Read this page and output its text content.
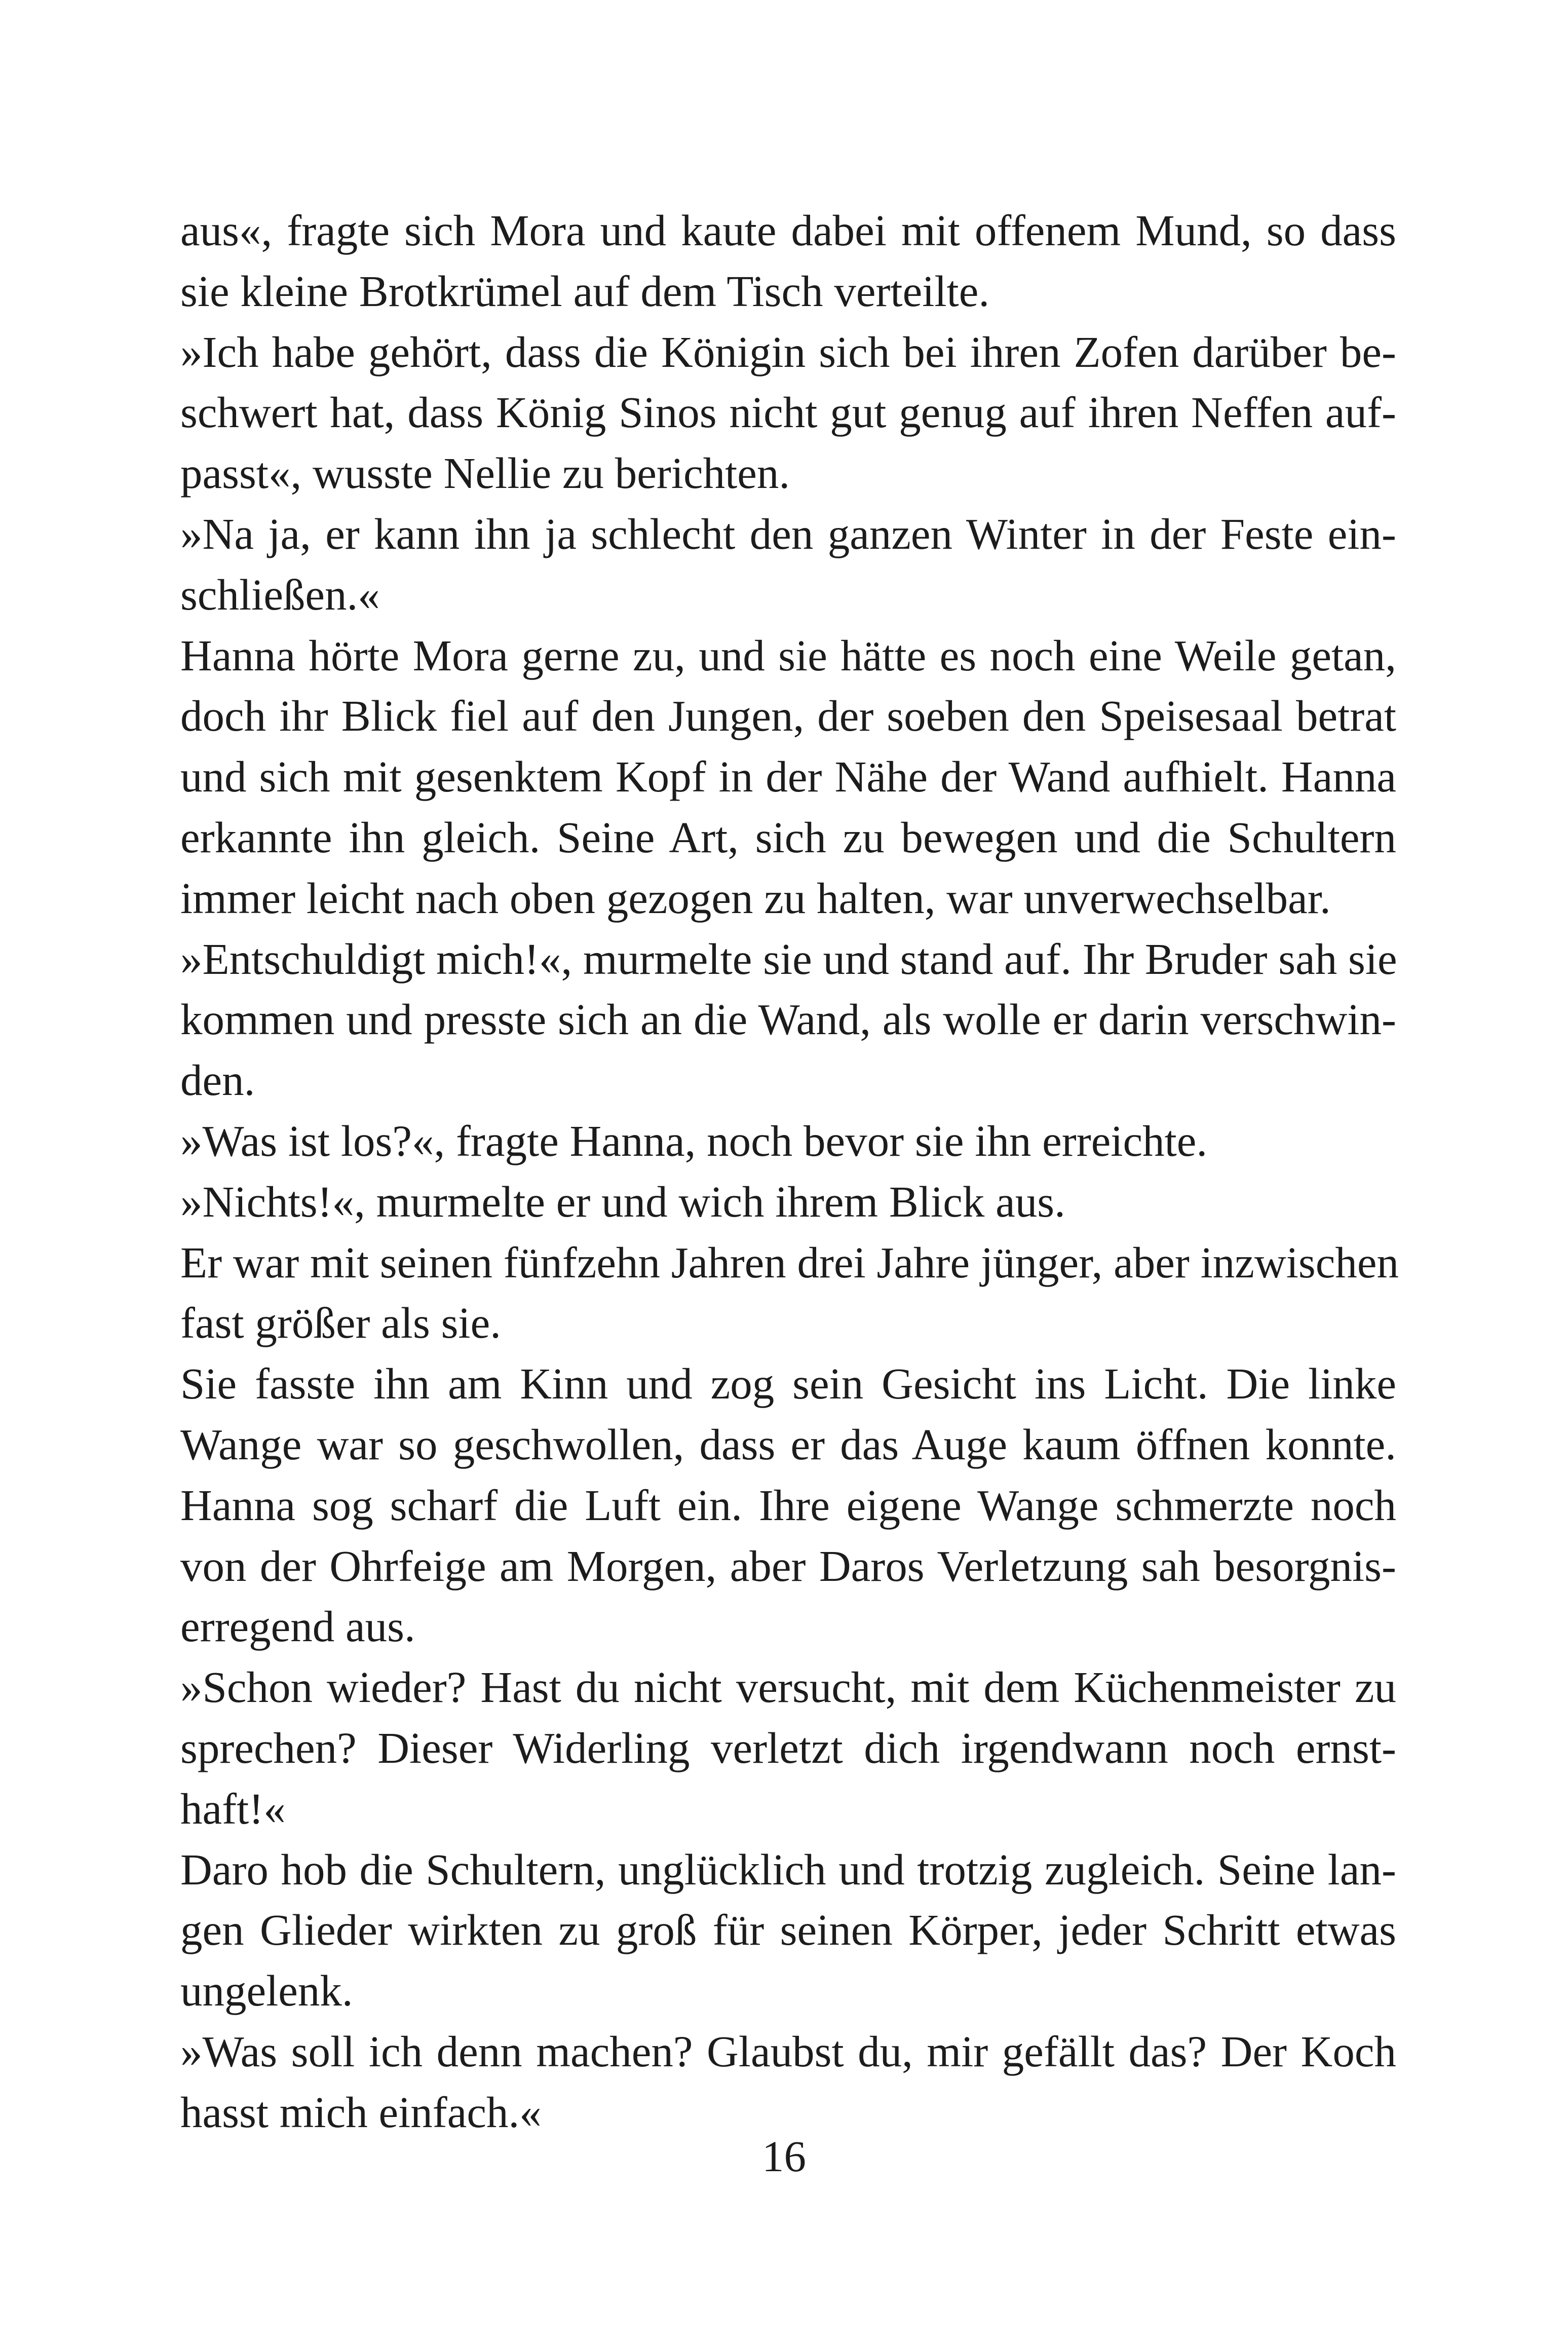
aus«, fragte sich Mora und kaute dabei mit offenem Mund, so dass
sie kleine Brotkrümel auf dem Tisch verteilte.
»Ich habe gehört, dass die Königin sich bei ihren Zofen darüber be-
schwert hat, dass König Sinos nicht gut genug auf ihren Neffen auf-
passt«, wusste Nellie zu berichten.
»Na ja, er kann ihn ja schlecht den ganzen Winter in der Feste ein-
schließen.«
Hanna hörte Mora gerne zu, und sie hätte es noch eine Weile getan,
doch ihr Blick fiel auf den Jungen, der soeben den Speisesaal betrat
und sich mit gesenktem Kopf in der Nähe der Wand aufhielt. Hanna
erkannte ihn gleich. Seine Art, sich zu bewegen und die Schultern
immer leicht nach oben gezogen zu halten, war unverwechselbar.
»Entschuldigt mich!«, murmelte sie und stand auf. Ihr Bruder sah sie
kommen und presste sich an die Wand, als wolle er darin verschwin-
den.
»Was ist los?«, fragte Hanna, noch bevor sie ihn erreichte.
»Nichts!«, murmelte er und wich ihrem Blick aus.
Er war mit seinen fünfzehn Jahren drei Jahre jünger, aber inzwischen
fast größer als sie.
Sie fasste ihn am Kinn und zog sein Gesicht ins Licht. Die linke
Wange war so geschwollen, dass er das Auge kaum öffnen konnte.
Hanna sog scharf die Luft ein. Ihre eigene Wange schmerzte noch
von der Ohrfeige am Morgen, aber Daros Verletzung sah besorgnis-
erregend aus.
»Schon wieder? Hast du nicht versucht, mit dem Küchenmeister zu
sprechen? Dieser Widerling verletzt dich irgendwann noch ernst-
haft!«
Daro hob die Schultern, unglücklich und trotzig zugleich. Seine lan-
gen Glieder wirkten zu groß für seinen Körper, jeder Schritt etwas
ungelenk.
»Was soll ich denn machen? Glaubst du, mir gefällt das? Der Koch
hasst mich einfach.«
16
